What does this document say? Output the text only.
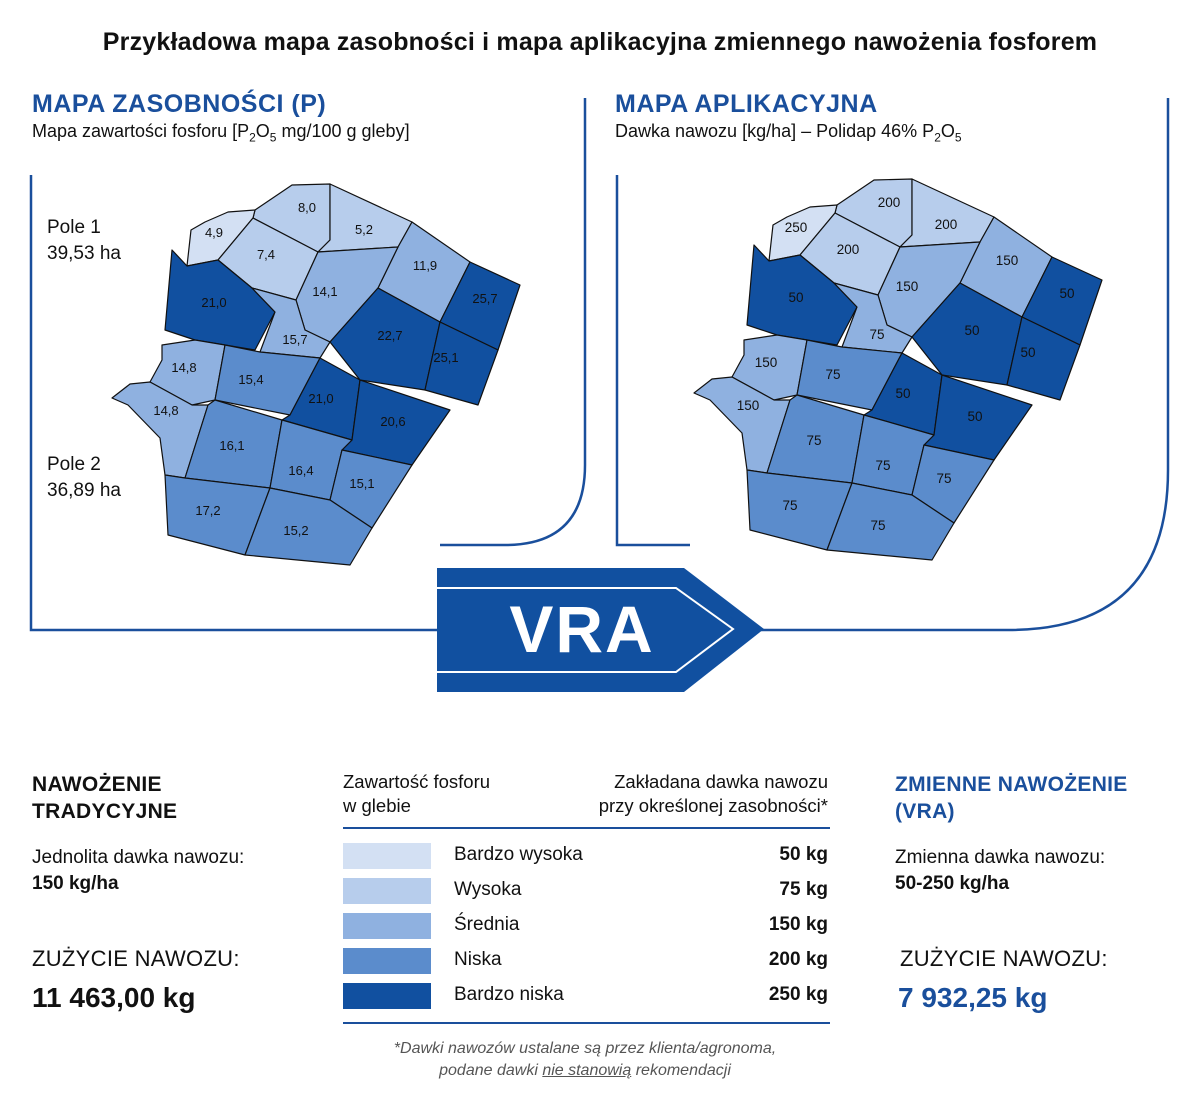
Przykładowa mapa zasobności i mapa aplikacyjna zmiennego nawożenia fosforem
VRA
MAPA ZASOBNOŚCI (P)
Mapa zawartości fosforu [$P_2O_5$ mg/100 g gleby]
MAPA APLIKACYJNA
Dawka nawozu [kg/ha] – Polidap 46% $P_2O_5$
Pole 1
39,53 ha
Pole 2
36,89 ha
8,0
4,9
7,4
5,2
11,9
21,0
14,1	25,7
15,7	22,7
25,1
14,8
15,4
14,8
21,0
20,6
16,1
16,4
15,1
17,2
15,2
200
250
200
200
150
50
150	50
75	50
50
150
75
150
50
50
75
75
75
75
75
NAWOŻENIE
TRADYCYJNE
Jednolita dawka nawozu:
150 kg/ha
ZUŻYCIE NAWOZU:
11 463,00 kg
Zawartość fosforu
w glebie
Zakładana dawka nawozu
przy określonej zasobności*
Bardzo wysoka	50 kg
Wysoka	75 kg
Średnia	150 kg
Niska	200 kg
Bardzo niska	250 kg
*Dawki nawozów ustalane są przez klienta/agronoma,
podane dawki nie stanowią rekomendacji
ZMIENNE NAWOŻENIE
(VRA)
Zmienna dawka nawozu:
50-250 kg/ha
ZUŻYCIE NAWOZU:
7 932,25 kg
